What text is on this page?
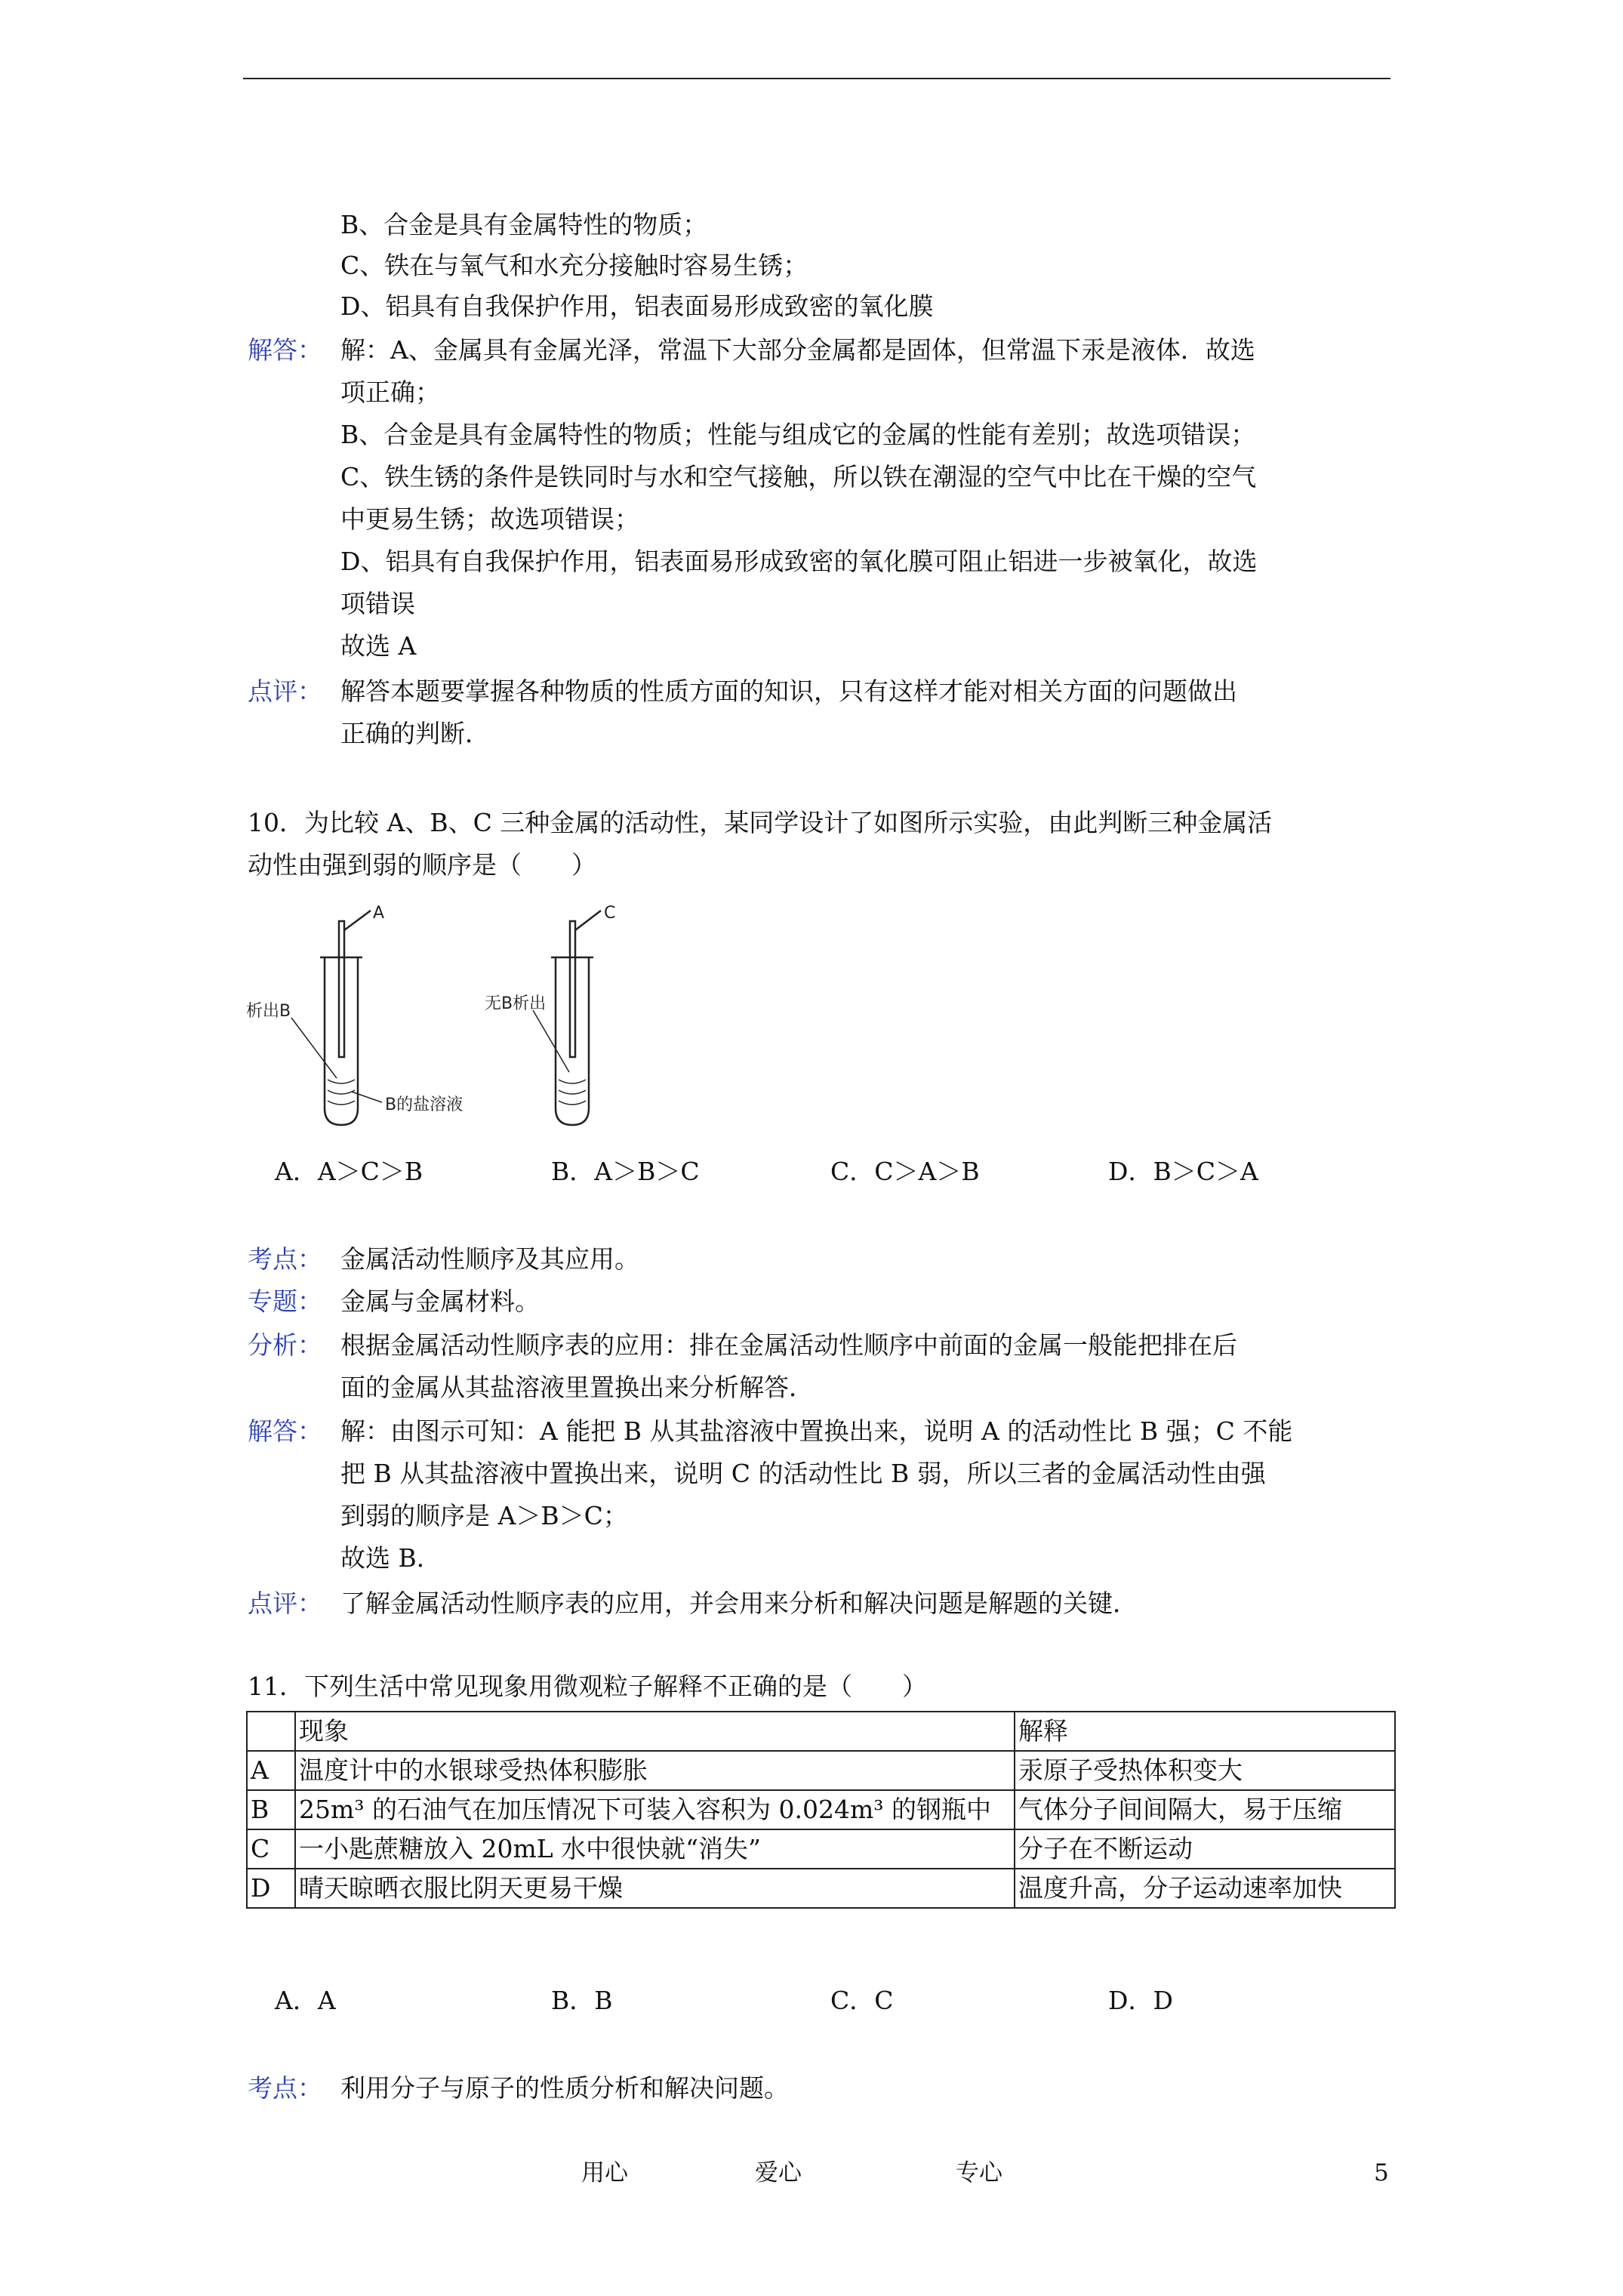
B、合金是具有金属特性的物质；
C、铁在与氧气和水充分接触时容易生锈；
D、铝具有自我保护作用，铝表面易形成致密的氧化膜
解答： 解：A、金属具有金属光泽，常温下大部分金属都是固体，但常温下汞是液体．故选
项正确；
B、合金是具有金属特性的物质；性能与组成它的金属的性能有差别；故选项错误；
C、铁生锈的条件是铁同时与水和空气接触，所以铁在潮湿的空气中比在干燥的空气
中更易生锈；故选项错误；
D、铝具有自我保护作用，铝表面易形成致密的氧化膜可阻止铝进一步被氧化，故选
项错误
故选 A
点评： 解答本题要掌握各种物质的性质方面的知识，只有这样才能对相关方面的问题做出
正确的判断．
10．为比较 A、B、C 三种金属的活动性，某同学设计了如图所示实验，由此判断三种金属活
动性由强到弱的顺序是（　　）
A	C
析出B	无B析出
B的盐溶液
A．A＞C＞B	B．A＞B＞C	C．C＞A＞B	D．B＞C＞A
考点： 金属活动性顺序及其应用。
专题： 金属与金属材料。
分析： 根据金属活动性顺序表的应用：排在金属活动性顺序中前面的金属一般能把排在后
面的金属从其盐溶液里置换出来分析解答．
解答： 解：由图示可知：A 能把 B 从其盐溶液中置换出来，说明 A 的活动性比 B 强；C 不能
把 B 从其盐溶液中置换出来，说明 C 的活动性比 B 弱，所以三者的金属活动性由强
到弱的顺序是 A＞B＞C；
故选 B．
点评： 了解金属活动性顺序表的应用，并会用来分析和解决问题是解题的关键．
11．下列生活中常见现象用微观粒子解释不正确的是（　　）
	现象	解释
A	温度计中的水银球受热体积膨胀	汞原子受热体积变大
B	25m³ 的石油气在加压情况下可装入容积为 0.024m³ 的钢瓶中	气体分子间间隔大，易于压缩
C	一小匙蔗糖放入 20mL 水中很快就“消失”	分子在不断运动
D	晴天晾晒衣服比阴天更易干燥	温度升高，分子运动速率加快
A．A	B．B	C．C	D．D
考点： 利用分子与原子的性质分析和解决问题。
用心	爱心	专心	5
